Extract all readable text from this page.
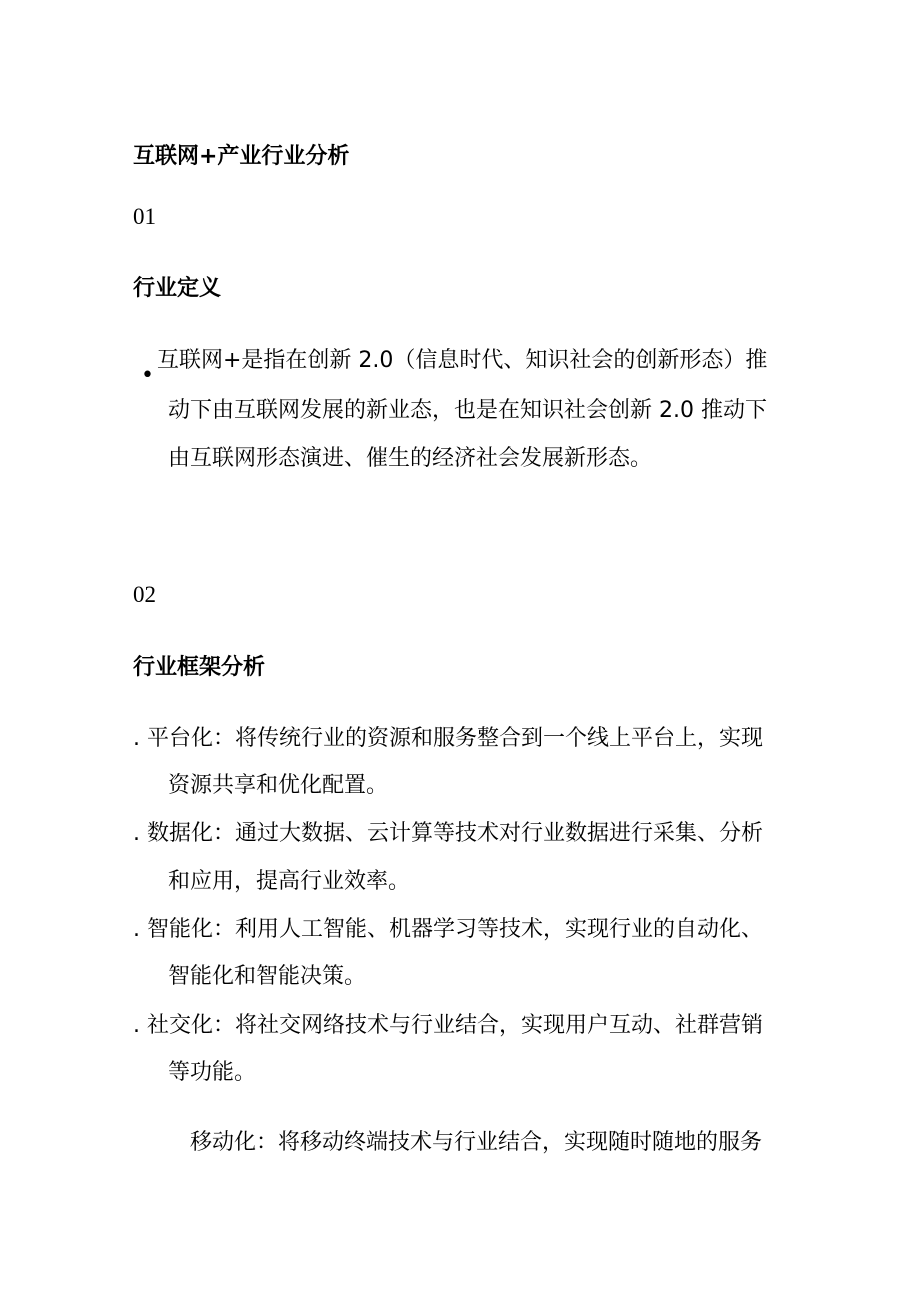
互联网+产业行业分析
01
行业定义
•
互联网+是指在创新 2.0（信息时代、知识社会的创新形态）推
动下由互联网发展的新业态，也是在知识社会创新 2.0 推动下
由互联网形态演进、催生的经济社会发展新形态。
02
行业框架分析
. 平台化：将传统行业的资源和服务整合到一个线上平台上，实现
资源共享和优化配置。
. 数据化：通过大数据、云计算等技术对行业数据进行采集、分析
和应用，提高行业效率。
. 智能化：利用人工智能、机器学习等技术，实现行业的自动化、
智能化和智能决策。
. 社交化：将社交网络技术与行业结合，实现用户互动、社群营销
等功能。
移动化：将移动终端技术与行业结合，实现随时随地的服务
